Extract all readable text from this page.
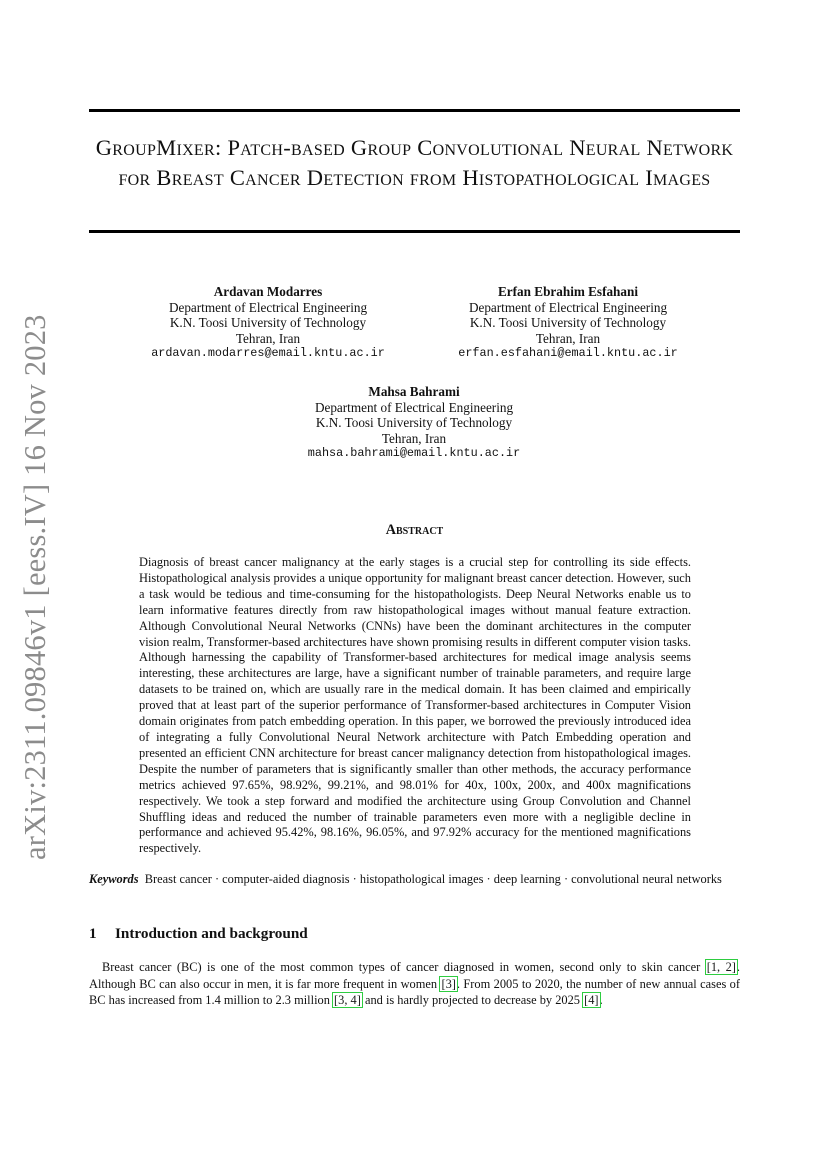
arXiv:2311.09846v1 [eess.IV] 16 Nov 2023
GroupMixer: Patch-based Group Convolutional Neural Network for Breast Cancer Detection from Histopathological Images
Ardavan Modarres
Department of Electrical Engineering
K.N. Toosi University of Technology
Tehran, Iran
ardavan.modarres@email.kntu.ac.ir
Erfan Ebrahim Esfahani
Department of Electrical Engineering
K.N. Toosi University of Technology
Tehran, Iran
erfan.esfahani@email.kntu.ac.ir
Mahsa Bahrami
Department of Electrical Engineering
K.N. Toosi University of Technology
Tehran, Iran
mahsa.bahrami@email.kntu.ac.ir
Abstract

Diagnosis of breast cancer malignancy at the early stages is a crucial step for controlling its side effects. Histopathological analysis provides a unique opportunity for malignant breast cancer detection. However, such a task would be tedious and time-consuming for the histopathologists. Deep Neural Networks enable us to learn informative features directly from raw histopathological images without manual feature extraction. Although Convolutional Neural Networks (CNNs) have been the dominant architectures in the computer vision realm, Transformer-based architectures have shown promising results in different computer vision tasks. Although harnessing the capability of Transformer-based architectures for medical image analysis seems interesting, these architectures are large, have a significant number of trainable parameters, and require large datasets to be trained on, which are usually rare in the medical domain. It has been claimed and empirically proved that at least part of the superior performance of Transformer-based architectures in Computer Vision domain originates from patch embedding operation. In this paper, we borrowed the previously introduced idea of integrating a fully Convolutional Neural Network architecture with Patch Embedding operation and presented an efficient CNN architecture for breast cancer malignancy detection from histopathological images. Despite the number of parameters that is significantly smaller than other methods, the accuracy performance metrics achieved 97.65%, 98.92%, 99.21%, and 98.01% for 40x, 100x, 200x, and 400x magnifications respectively. We took a step forward and modified the architecture using Group Convolution and Channel Shuffling ideas and reduced the number of trainable parameters even more with a negligible decline in performance and achieved 95.42%, 98.16%, 96.05%, and 97.92% accuracy for the mentioned magnifications respectively.

Keywords Breast cancer · computer-aided diagnosis · histopathological images · deep learning · convolutional neural networks

1 Introduction and background

Breast cancer (BC) is one of the most common types of cancer diagnosed in women, second only to skin cancer [1, 2]. Although BC can also occur in men, it is far more frequent in women [3]. From 2005 to 2020, the number of new annual cases of BC has increased from 1.4 million to 2.3 million [3, 4] and is hardly projected to decrease by 2025 [4].
